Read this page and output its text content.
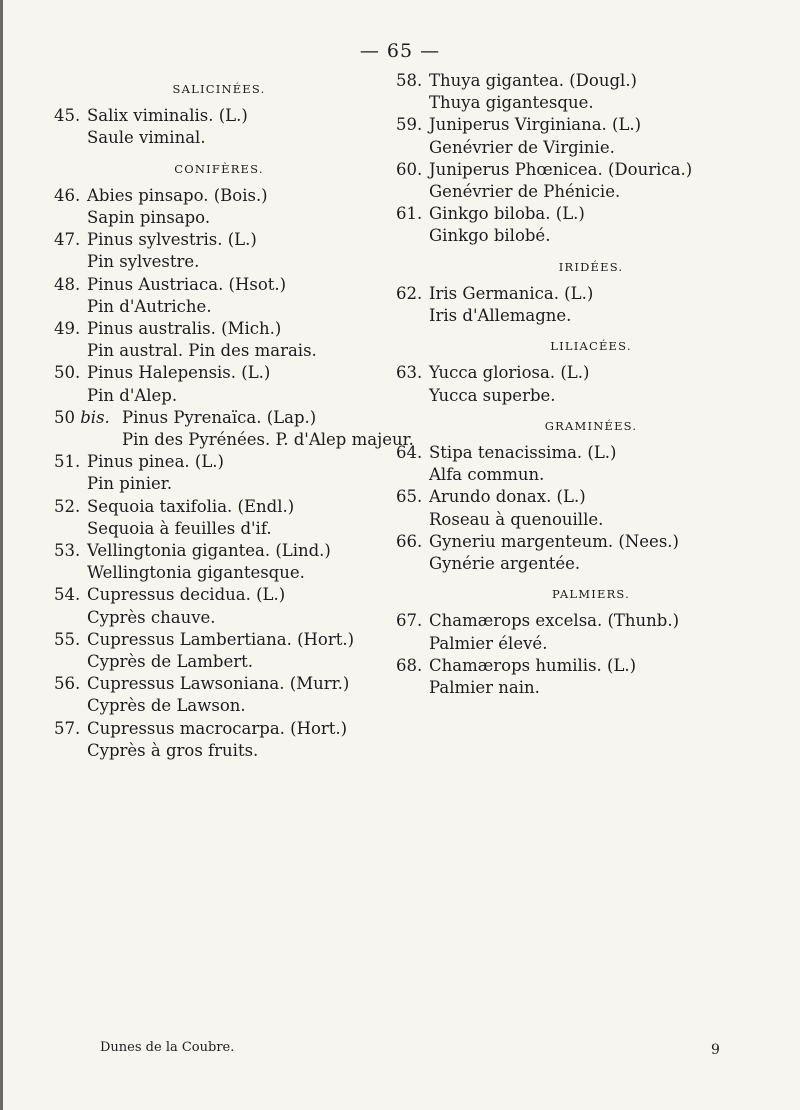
— 65 —
SALICINÉES.
45. Salix viminalis. (L.)
Saule viminal.
CONIFÈRES.
46. Abies pinsapo. (Bois.)
Sapin pinsapo.
47. Pinus sylvestris. (L.)
Pin sylvestre.
48. Pinus Austriaca. (Hsot.)
Pin d'Autriche.
49. Pinus australis. (Mich.)
Pin austral. Pin des marais.
50. Pinus Halepensis. (L.)
Pin d'Alep.
50 bis. Pinus Pyrenaïca. (Lap.)
Pin des Pyrénées. P. d'Alep majeur.
51. Pinus pinea. (L.)
Pin pinier.
52. Sequoia taxifolia. (Endl.)
Sequoia à feuilles d'if.
53. Vellingtonia gigantea. (Lind.)
Wellingtonia gigantesque.
54. Cupressus decidua. (L.)
Cyprès chauve.
55. Cupressus Lambertiana. (Hort.)
Cyprès de Lambert.
56. Cupressus Lawsoniana. (Murr.)
Cyprès de Lawson.
57. Cupressus macrocarpa. (Hort.)
Cyprès à gros fruits.
58. Thuya gigantea. (Dougl.)
Thuya gigantesque.
59. Juniperus Virginiana. (L.)
Genévrier de Virginie.
60. Juniperus Phœnicea. (Dourica.)
Genévrier de Phénicie.
61. Ginkgo biloba. (L.)
Ginkgo bilobé.
IRIDÉES.
62. Iris Germanica. (L.)
Iris d'Allemagne.
LILIACÉES.
63. Yucca gloriosa. (L.)
Yucca superbe.
GRAMINÉES.
64. Stipa tenacissima. (L.)
Alfa commun.
65. Arundo donax. (L.)
Roseau à quenouille.
66. Gyneriu margenteum. (Nees.)
Gynérie argentée.
PALMIERS.
67. Chamærops excelsa. (Thunb.)
Palmier élevé.
68. Chamærops humilis. (L.)
Palmier nain.
Dunes de la Coubre.	9
